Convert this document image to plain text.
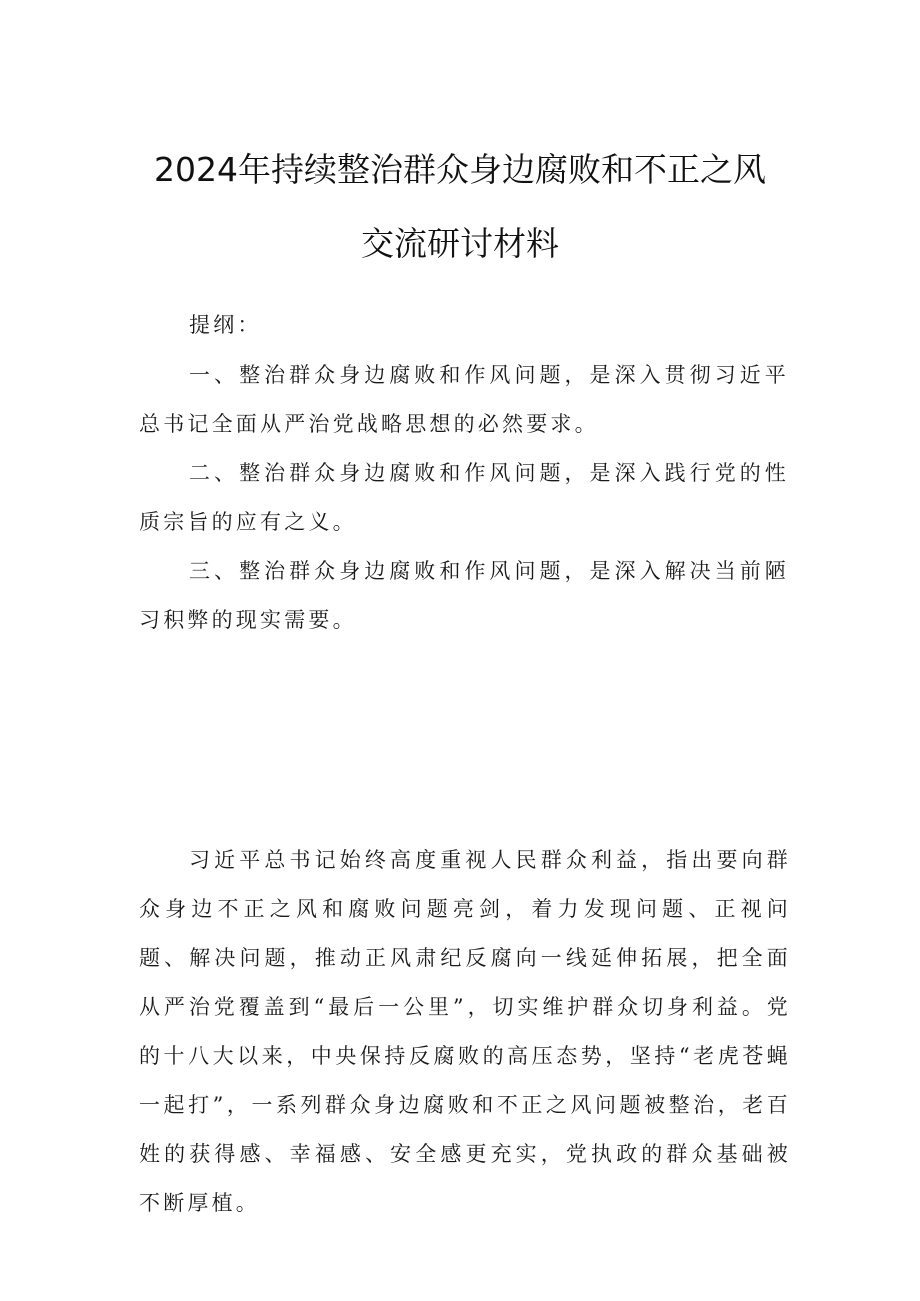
2024年持续整治群众身边腐败和不正之风
交流研讨材料

提纲：

一、整治群众身边腐败和作风问题，是深入贯彻习近平总书记全面从严治党战略思想的必然要求。

二、整治群众身边腐败和作风问题，是深入践行党的性质宗旨的应有之义。

三、整治群众身边腐败和作风问题，是深入解决当前陋习积弊的现实需要。

习近平总书记始终高度重视人民群众利益，指出要向群众身边不正之风和腐败问题亮剑，着力发现问题、正视问题、解决问题，推动正风肃纪反腐向一线延伸拓展，把全面从严治党覆盖到“最后一公里”，切实维护群众切身利益。党的十八大以来，中央保持反腐败的高压态势，坚持“老虎苍蝇一起打”，一系列群众身边腐败和不正之风问题被整治，老百姓的获得感、幸福感、安全感更充实，党执政的群众基础被不断厚植。
